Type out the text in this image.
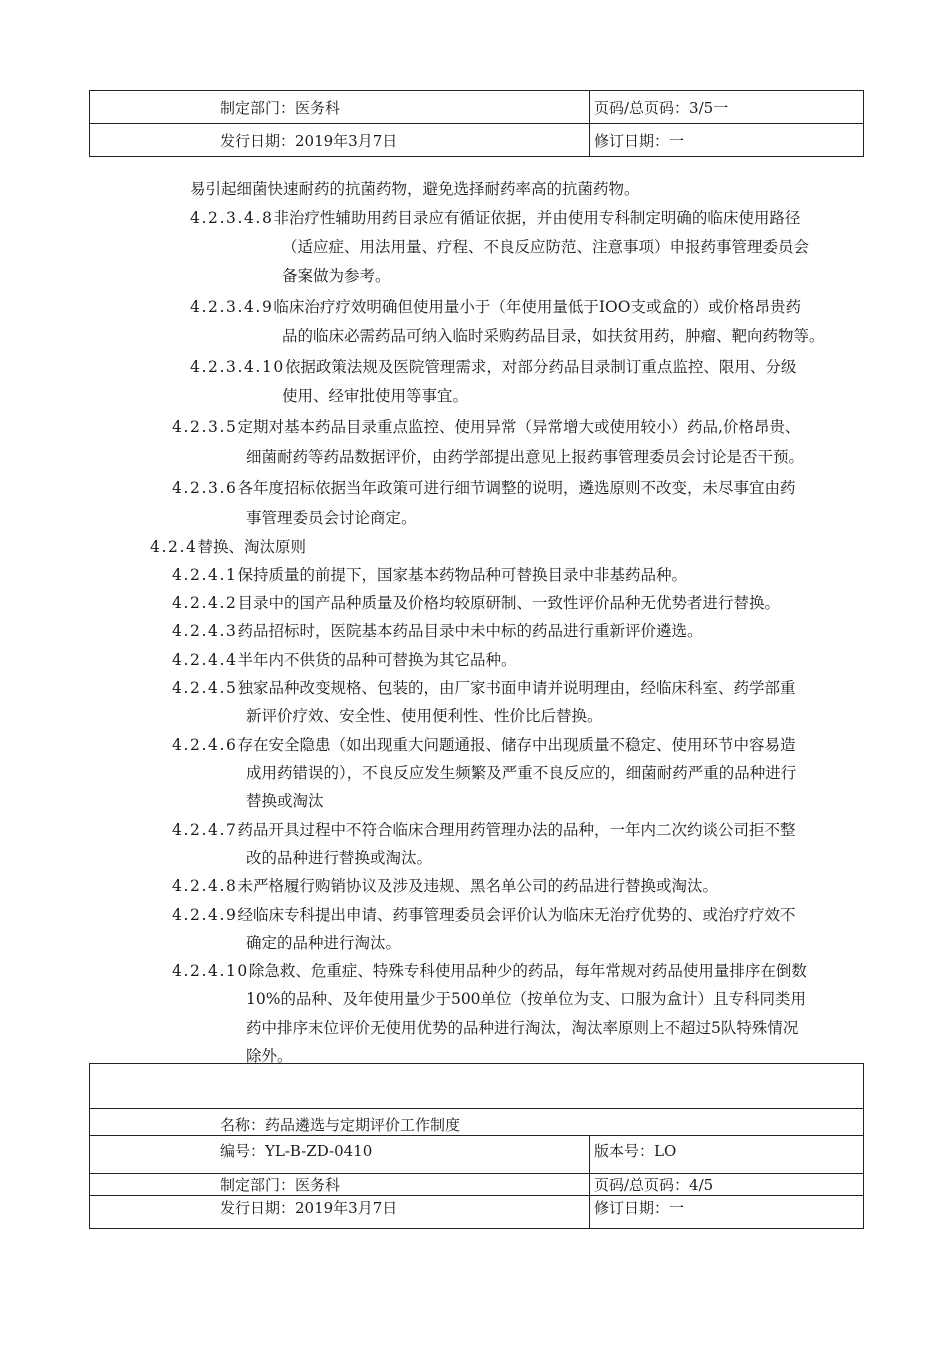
制定部门：医务科	页码/总页码：3/5一
发行日期：2019年3月7日	修订日期：一
易引起细菌快速耐药的抗菌药物，避免选择耐药率高的抗菌药物。
4.2.3.4.8非治疗性辅助用药目录应有循证依据，并由使用专科制定明确的临床使用路径
（适应症、用法用量、疗程、不良反应防范、注意事项）申报药事管理委员会
备案做为参考。
4.2.3.4.9临床治疗疗效明确但使用量小于（年使用量低于IOO支或盒的）或价格昂贵药
品的临床必需药品可纳入临时采购药品目录，如扶贫用药，肿瘤、靶向药物等。
4.2.3.4.10依据政策法规及医院管理需求，对部分药品目录制订重点监控、限用、分级
使用、经审批使用等事宜。
4.2.3.5定期对基本药品目录重点监控、使用异常（异常增大或使用较小）药品,价格昂贵、
细菌耐药等药品数据评价，由药学部提出意见上报药事管理委员会讨论是否干预。
4.2.3.6各年度招标依据当年政策可进行细节调整的说明，遴选原则不改变，未尽事宜由药
事管理委员会讨论商定。
4.2.4替换、淘汰原则
4.2.4.1保持质量的前提下，国家基本药物品种可替换目录中非基药品种。
4.2.4.2目录中的国产品种质量及价格均较原研制、一致性评价品种无优势者进行替换。
4.2.4.3药品招标时，医院基本药品目录中未中标的药品进行重新评价遴选。
4.2.4.4半年内不供货的品种可替换为其它品种。
4.2.4.5独家品种改变规格、包装的，由厂家书面申请并说明理由，经临床科室、药学部重
新评价疗效、安全性、使用便利性、性价比后替换。
4.2.4.6存在安全隐患（如出现重大问题通报、储存中出现质量不稳定、使用环节中容易造
成用药错误的），不良反应发生频繁及严重不良反应的，细菌耐药严重的品种进行
替换或淘汰
4.2.4.7药品开具过程中不符合临床合理用药管理办法的品种，一年内二次约谈公司拒不整
改的品种进行替换或淘汰。
4.2.4.8未严格履行购销协议及涉及违规、黑名单公司的药品进行替换或淘汰。
4.2.4.9经临床专科提出申请、药事管理委员会评价认为临床无治疗优势的、或治疗疗效不
确定的品种进行淘汰。
4.2.4.10除急救、危重症、特殊专科使用品种少的药品，每年常规对药品使用量排序在倒数
10%的品种、及年使用量少于500单位（按单位为支、口服为盒计）且专科同类用
药中排序末位评价无使用优势的品种进行淘汰，淘汰率原则上不超过5队特殊情况
除外。

名称：药品遴选与定期评价工作制度	
编号：YL-B-ZD-0410	版本号：LO
制定部门：医务科	页码/总页码：4/5
发行日期：2019年3月7日	修订日期：一
